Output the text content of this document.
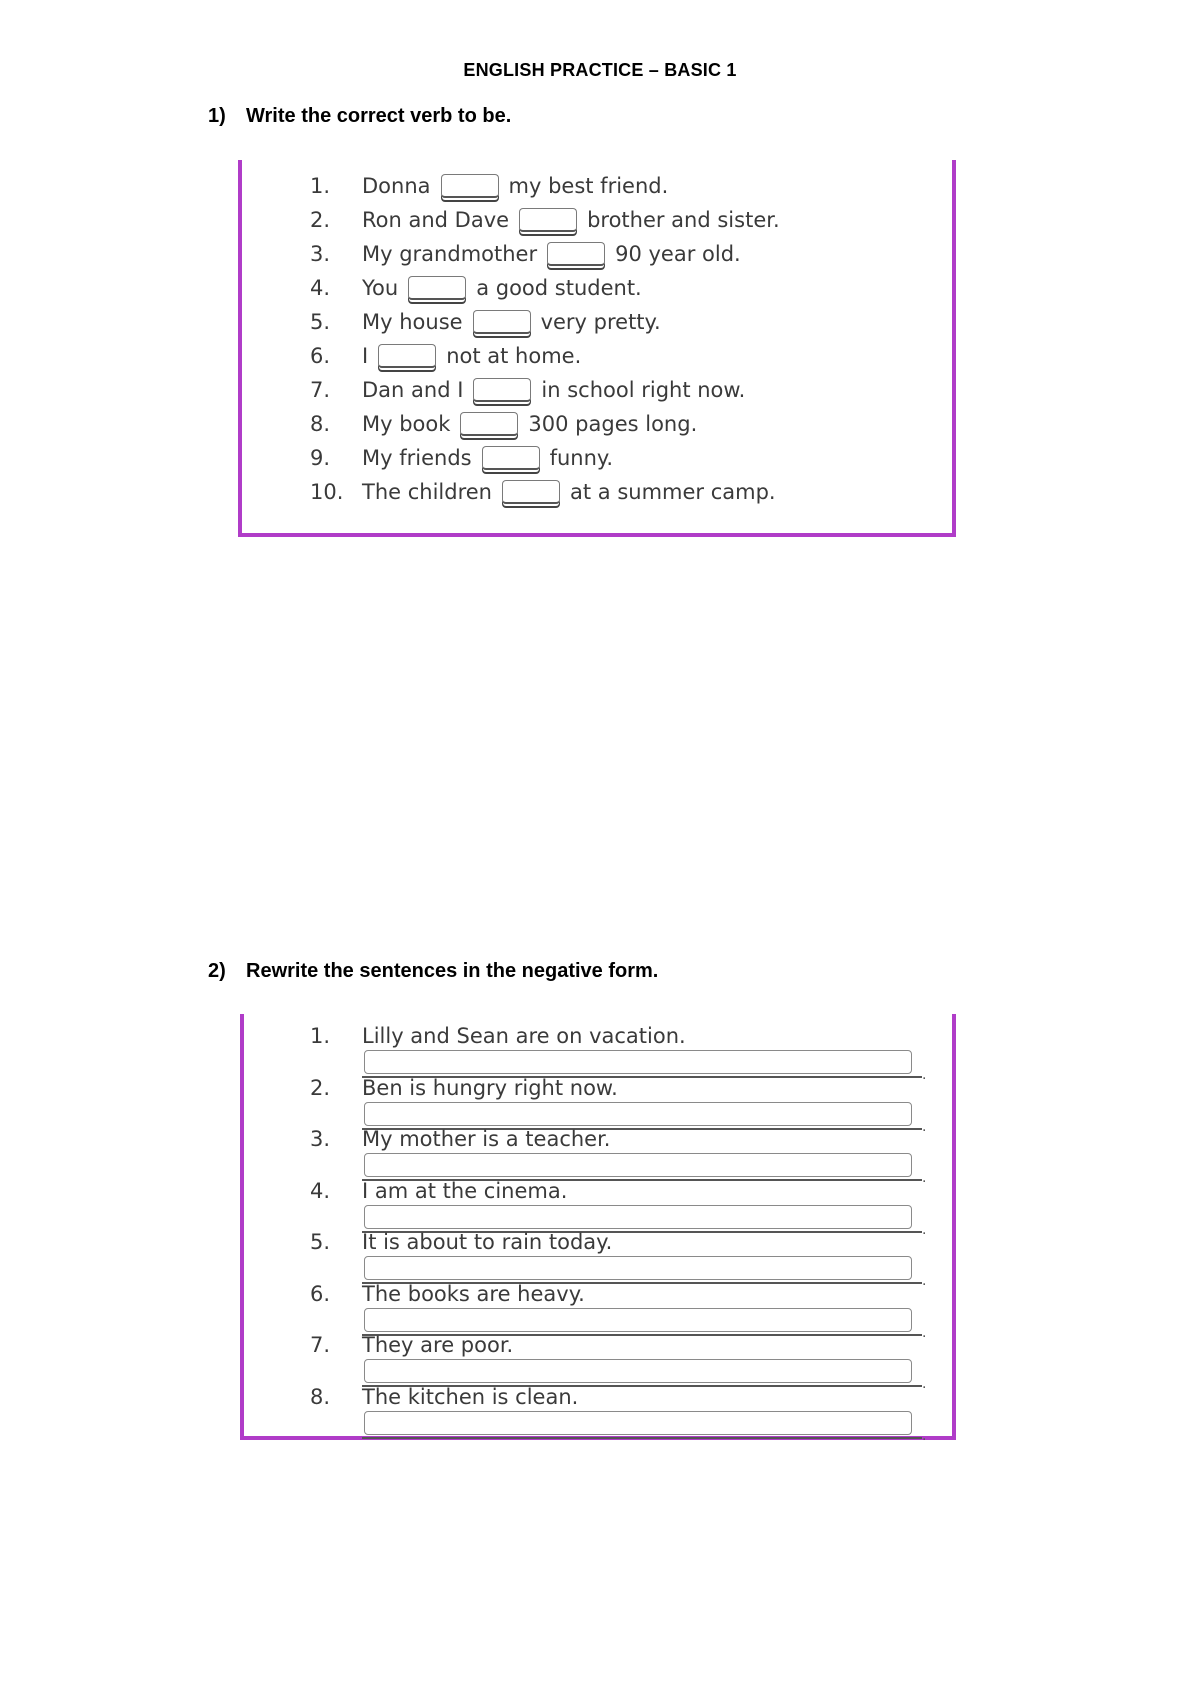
ENGLISH PRACTICE – BASIC 1
1) Write the correct verb to be.
1. Donna	my best friend.
2. Ron and Dave	brother and sister.
3. My grandmother	90 year old.
4. You	a good student.
5. My house	very pretty.
6. I	not at home.
7. Dan and I	in school right now.
8. My book	300 pages long.
9. My friends	funny.
10. The children	at a summer camp.
2) Rewrite the sentences in the negative form.
1. Lilly and Sean are on vacation.
.
2. Ben is hungry right now.
.
3. My mother is a teacher.
.
4. I am at the cinema.
.
5. It is about to rain today.
.
6. The books are heavy.
.
7. They are poor.
.
8. The kitchen is clean.
.
